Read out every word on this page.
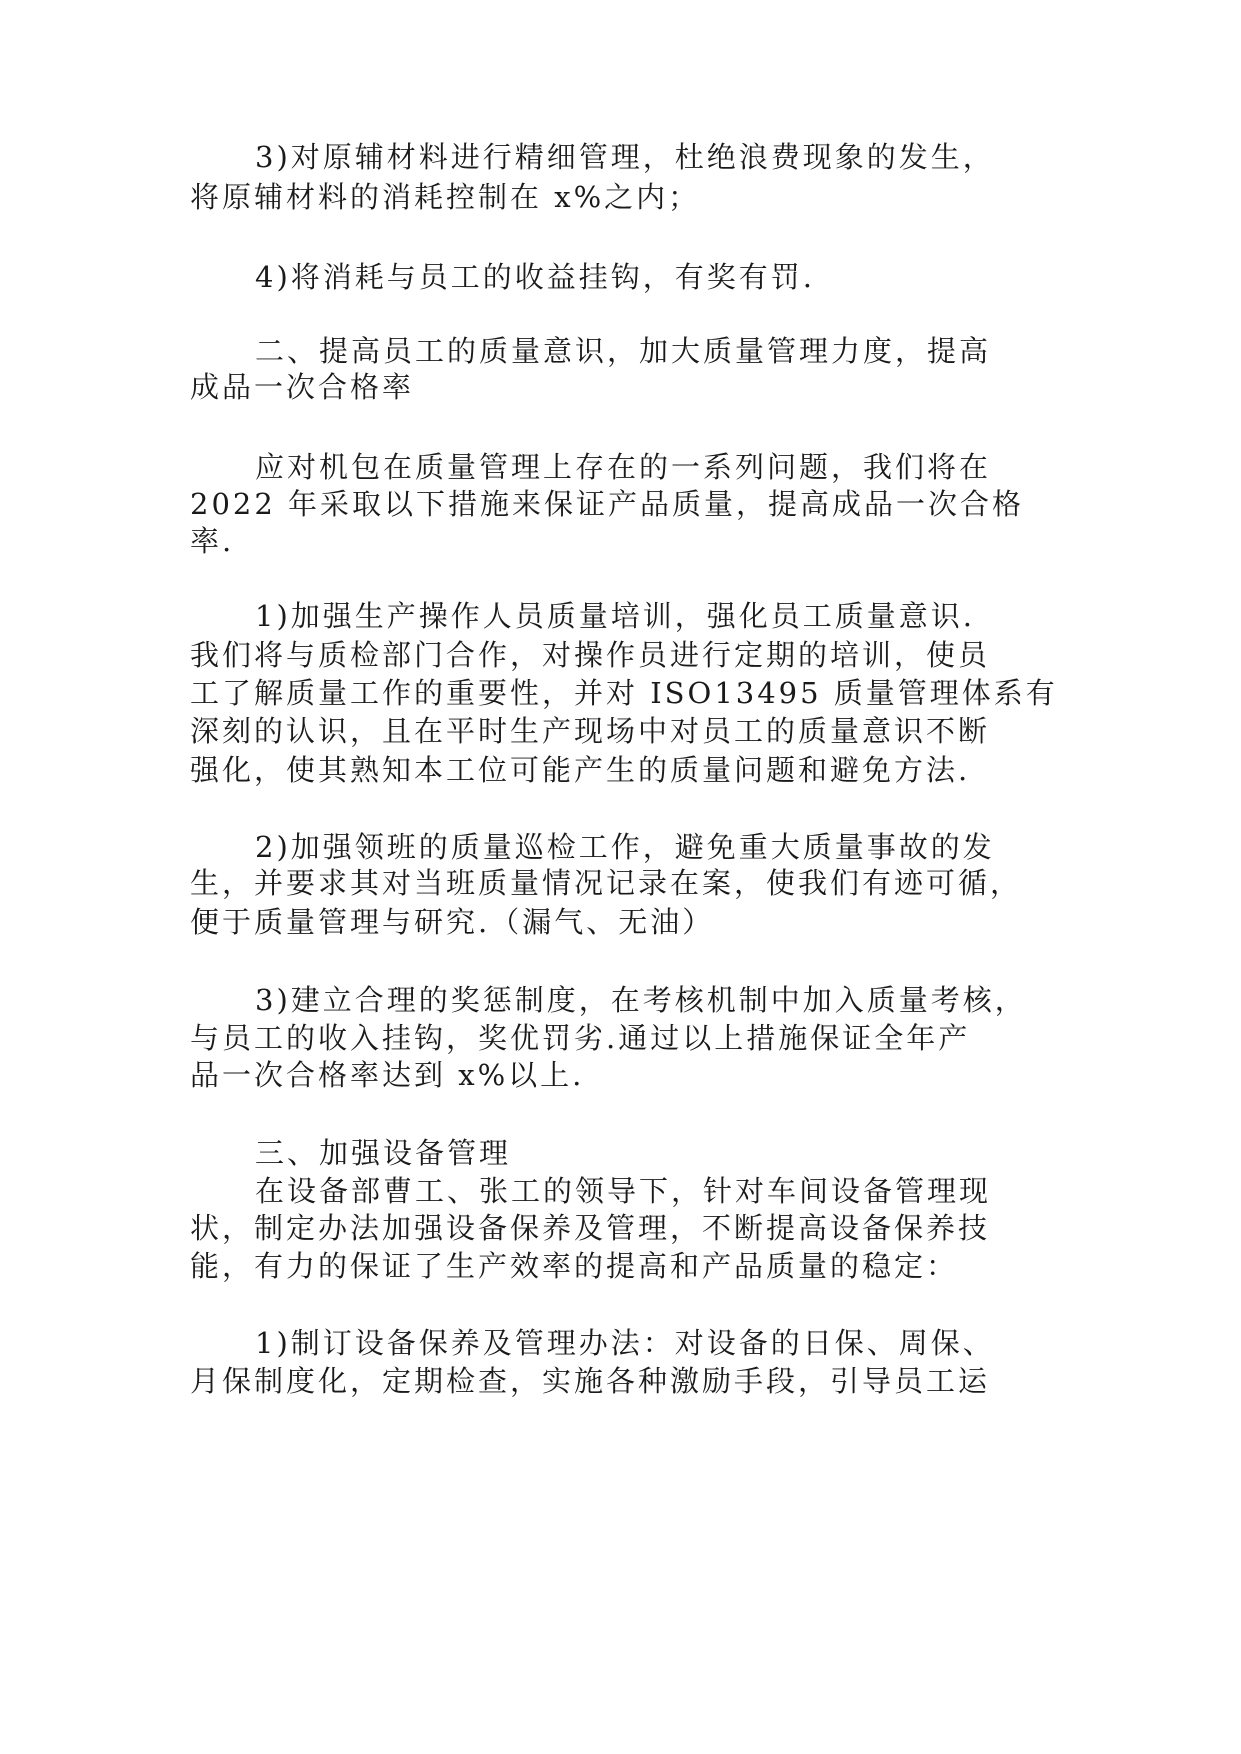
3)对原辅材料进行精细管理，杜绝浪费现象的发生，
将原辅材料的消耗控制在 x%之内；
4)将消耗与员工的收益挂钩，有奖有罚.
二、提高员工的质量意识，加大质量管理力度，提高
成品一次合格率
应对机包在质量管理上存在的一系列问题，我们将在
2022 年采取以下措施来保证产品质量，提高成品一次合格
率.
1)加强生产操作人员质量培训，强化员工质量意识.
我们将与质检部门合作，对操作员进行定期的培训，使员
工了解质量工作的重要性，并对 ISO13495 质量管理体系有
深刻的认识，且在平时生产现场中对员工的质量意识不断
强化，使其熟知本工位可能产生的质量问题和避免方法.
2)加强领班的质量巡检工作，避免重大质量事故的发
生，并要求其对当班质量情况记录在案，使我们有迹可循，
便于质量管理与研究.（漏气、无油）
3)建立合理的奖惩制度，在考核机制中加入质量考核，
与员工的收入挂钩，奖优罚劣.通过以上措施保证全年产
品一次合格率达到 x%以上.
三、加强设备管理
在设备部曹工、张工的领导下，针对车间设备管理现
状，制定办法加强设备保养及管理，不断提高设备保养技
能，有力的保证了生产效率的提高和产品质量的稳定：
1)制订设备保养及管理办法：对设备的日保、周保、
月保制度化，定期检查，实施各种激励手段，引导员工运
